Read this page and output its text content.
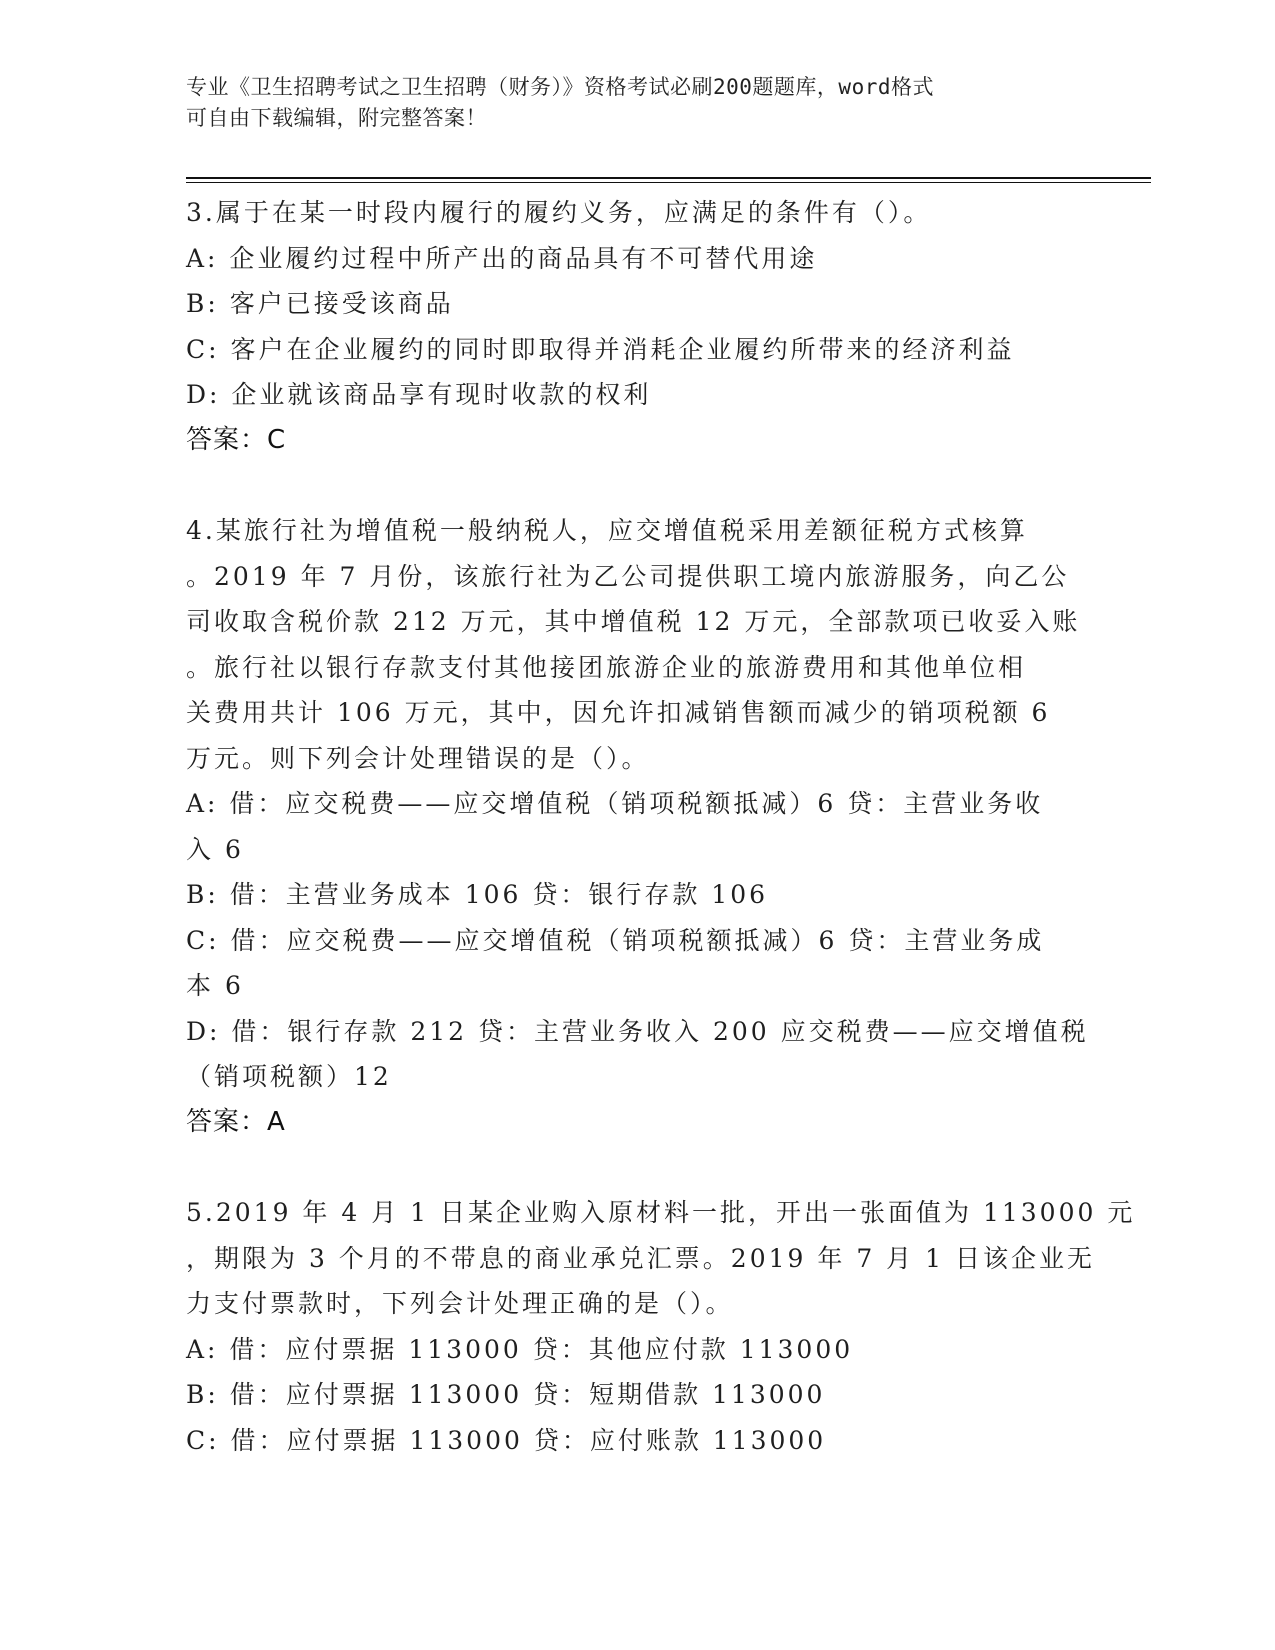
专业《卫生招聘考试之卫生招聘（财务）》资格考试必刷200题题库，word格式
可自由下载编辑，附完整答案！
3.属于在某一时段内履行的履约义务，应满足的条件有（）。
A: 企业履约过程中所产出的商品具有不可替代用途
B: 客户已接受该商品
C: 客户在企业履约的同时即取得并消耗企业履约所带来的经济利益
D: 企业就该商品享有现时收款的权利
答案：C
4.某旅行社为增值税一般纳税人，应交增值税采用差额征税方式核算
。2019 年 7 月份，该旅行社为乙公司提供职工境内旅游服务，向乙公
司收取含税价款 212 万元，其中增值税 12 万元，全部款项已收妥入账
。旅行社以银行存款支付其他接团旅游企业的旅游费用和其他单位相
关费用共计 106 万元，其中，因允许扣减销售额而减少的销项税额 6
万元。则下列会计处理错误的是（）。
A: 借：应交税费——应交增值税（销项税额抵减）6 贷：主营业务收
入 6
B: 借：主营业务成本 106 贷：银行存款 106
C: 借：应交税费——应交增值税（销项税额抵减）6 贷：主营业务成
本 6
D: 借：银行存款 212 贷：主营业务收入 200 应交税费——应交增值税
（销项税额）12
答案：A
5.2019 年 4 月 1 日某企业购入原材料一批，开出一张面值为 113000 元
，期限为 3 个月的不带息的商业承兑汇票。2019 年 7 月 1 日该企业无
力支付票款时，下列会计处理正确的是（）。
A: 借：应付票据 113000 贷：其他应付款 113000
B: 借：应付票据 113000 贷：短期借款 113000
C: 借：应付票据 113000 贷：应付账款 113000
